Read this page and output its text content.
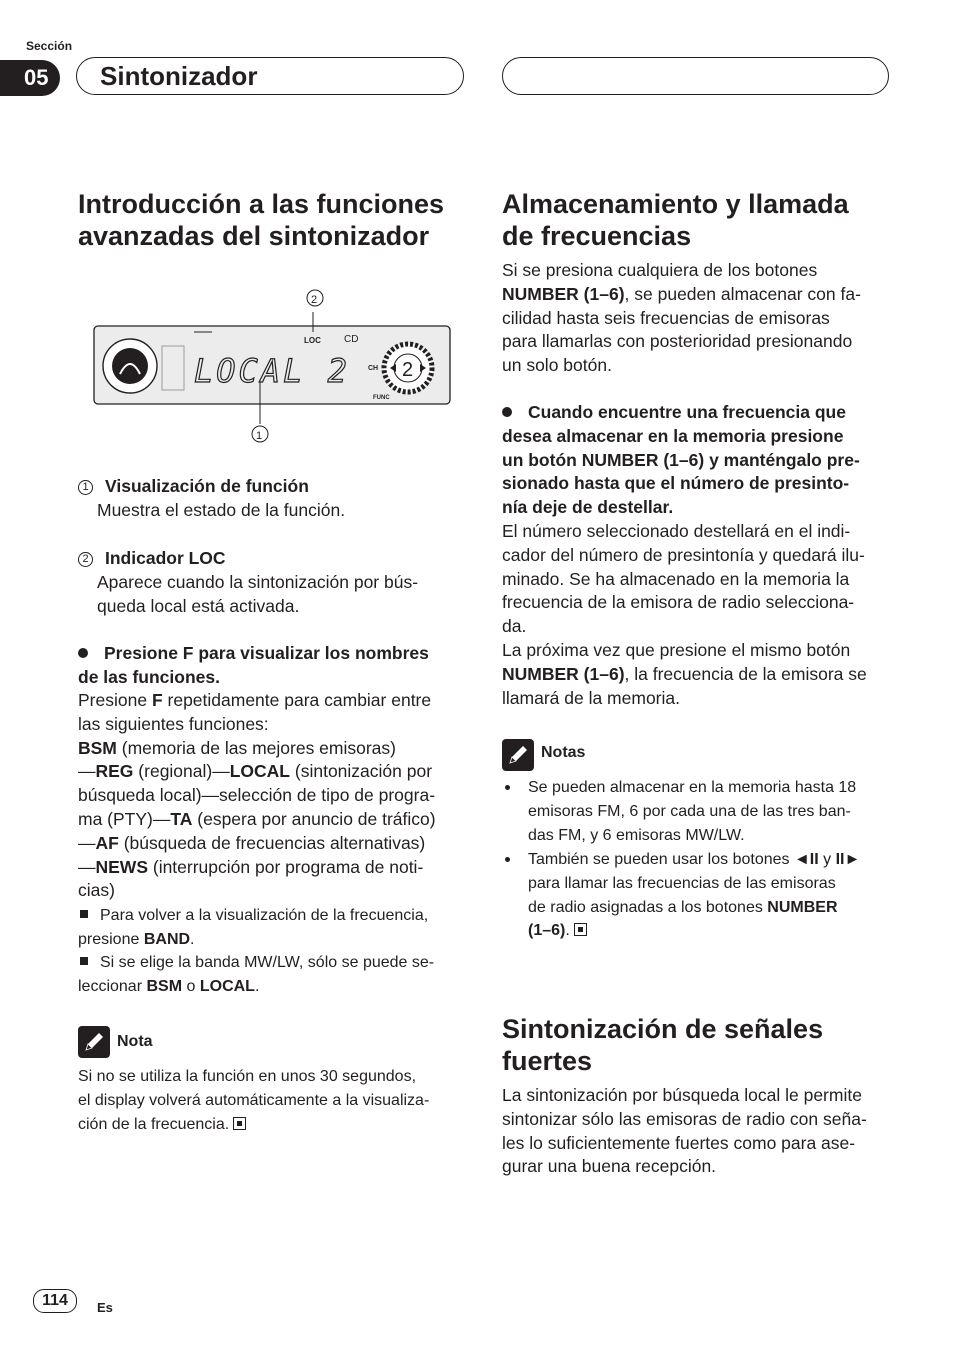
Sección
05	Sintonizador
Introducción a las funciones
avanzadas del sintonizador
LOC CD
LOCAL 2	CH 2
FUNC
2
1
1 Visualización de función
Muestra el estado de la función.
2 Indicador LOC
Aparece cuando la sintonización por bús-
queda local está activada.
Presione F para visualizar los nombres
de las funciones.
Presione F repetidamente para cambiar entre
las siguientes funciones:
BSM (memoria de las mejores emisoras)
—REG (regional)—LOCAL (sintonización por
búsqueda local)—selección de tipo de progra-
ma (PTY)—TA (espera por anuncio de tráfico)
—AF (búsqueda de frecuencias alternativas)
—NEWS (interrupción por programa de noti-
cias)
Para volver a la visualización de la frecuencia,
presione BAND.
Si se elige la banda MW/LW, sólo se puede se-
leccionar BSM o LOCAL.
Nota
Si no se utiliza la función en unos 30 segundos,
el display volverá automáticamente a la visualiza-
ción de la frecuencia.
Almacenamiento y llamada
de frecuencias
Si se presiona cualquiera de los botones
NUMBER (1–6), se pueden almacenar con fa-
cilidad hasta seis frecuencias de emisoras
para llamarlas con posterioridad presionando
un solo botón.
Cuando encuentre una frecuencia que
desea almacenar en la memoria presione
un botón NUMBER (1–6) y manténgalo pre-
sionado hasta que el número de presinto-
nía deje de destellar.
El número seleccionado destellará en el indi-
cador del número de presintonía y quedará ilu-
minado. Se ha almacenado en la memoria la
frecuencia de la emisora de radio selecciona-
da.
La próxima vez que presione el mismo botón
NUMBER (1–6), la frecuencia de la emisora se
llamará de la memoria.
Notas
Se pueden almacenar en la memoria hasta 18
emisoras FM, 6 por cada una de las tres ban-
das FM, y 6 emisoras MW/LW.
También se pueden usar los botones ◄II y II►
para llamar las frecuencias de las emisoras
de radio asignadas a los botones NUMBER
(1–6).
Sintonización de señales
fuertes
La sintonización por búsqueda local le permite
sintonizar sólo las emisoras de radio con seña-
les lo suficientemente fuertes como para ase-
gurar una buena recepción.
114	Es
